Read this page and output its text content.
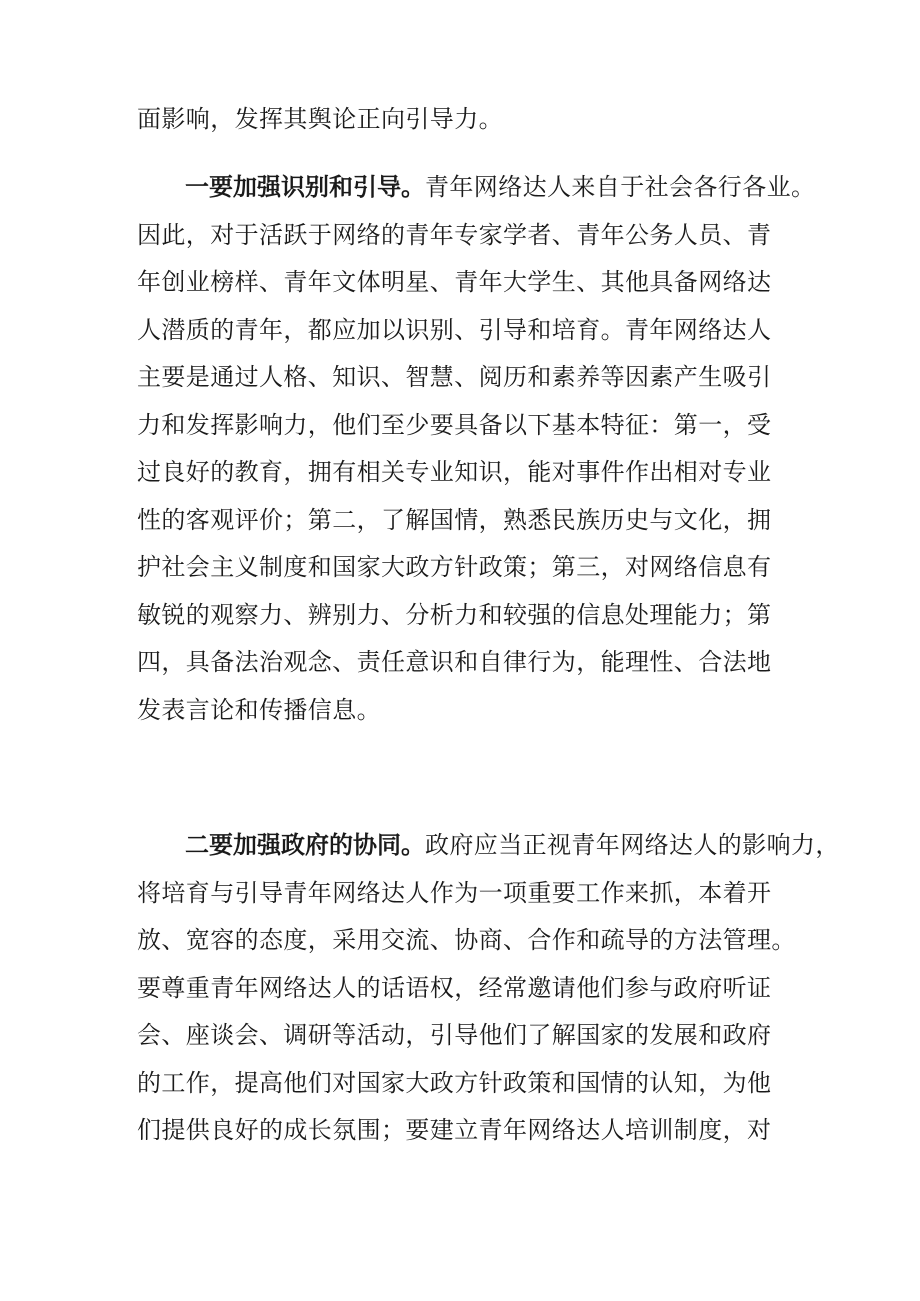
面影响，发挥其舆论正向引导力。

一要加强识别和引导。青年网络达人来自于社会各行各业。
因此，对于活跃于网络的青年专家学者、青年公务人员、青
年创业榜样、青年文体明星、青年大学生、其他具备网络达
人潜质的青年，都应加以识别、引导和培育。青年网络达人
主要是通过人格、知识、智慧、阅历和素养等因素产生吸引
力和发挥影响力，他们至少要具备以下基本特征：第一，受
过良好的教育，拥有相关专业知识，能对事件作出相对专业
性的客观评价；第二，了解国情，熟悉民族历史与文化，拥
护社会主义制度和国家大政方针政策；第三，对网络信息有
敏锐的观察力、辨别力、分析力和较强的信息处理能力；第
四，具备法治观念、责任意识和自律行为，能理性、合法地
发表言论和传播信息。

二要加强政府的协同。政府应当正视青年网络达人的影响力，
将培育与引导青年网络达人作为一项重要工作来抓，本着开
放、宽容的态度，采用交流、协商、合作和疏导的方法管理。
要尊重青年网络达人的话语权，经常邀请他们参与政府听证
会、座谈会、调研等活动，引导他们了解国家的发展和政府
的工作，提高他们对国家大政方针政策和国情的认知，为他
们提供良好的成长氛围；要建立青年网络达人培训制度，对
